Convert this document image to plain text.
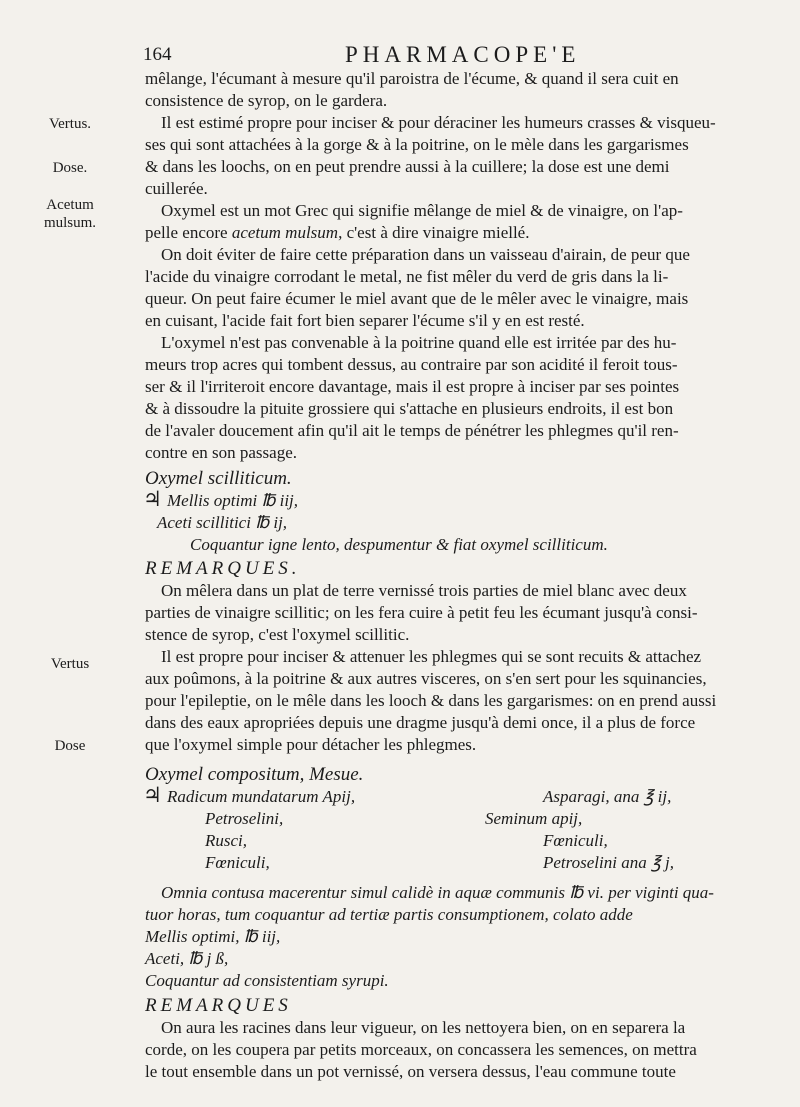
164	PHARMACOPE'E
Vertus.
Dose.
Acetum
mulsum.
Vertus
Dose

mêlange, l'écumant à mesure qu'il paroistra de l'écume, & quand il sera cuit en

consistence de syrop, on le gardera.

Il est estimé propre pour inciser & pour déraciner les humeurs crasses & visqueu-

ses qui sont attachées à la gorge & à la poitrine, on le mèle dans les gargarismes

& dans les loochs, on en peut prendre aussi à la cuillere; la dose est une demi

cuillerée.

Oxymel est un mot Grec qui signifie mêlange de miel & de vinaigre, on l'ap-

pelle encore acetum mulsum, c'est à dire vinaigre miellé.

On doit éviter de faire cette préparation dans un vaisseau d'airain, de peur que

l'acide du vinaigre corrodant le metal, ne fist mêler du verd de gris dans la li-

queur. On peut faire écumer le miel avant que de le mêler avec le vinaigre, mais

en cuisant, l'acide fait fort bien separer l'écume s'il y en est resté.

L'oxymel n'est pas convenable à la poitrine quand elle est irritée par des hu-

meurs trop acres qui tombent dessus, au contraire par son acidité il feroit tous-

ser & il l'irriteroit encore davantage, mais il est propre à inciser par ses pointes

& à dissoudre la pituite grossiere qui s'attache en plusieurs endroits, il est bon

de l'avaler doucement afin qu'il ait le temps de pénétrer les phlegmes qu'il ren-

contre en son passage.

Oxymel scilliticum.

♃ Mellis optimi ℔ iij,
Aceti scillitici ℔ ij,
Coquantur igne lento, despumentur & fiat oxymel scilliticum.

REMARQUES.

On mêlera dans un plat de terre vernissé trois parties de miel blanc avec deux

parties de vinaigre scillitic; on les fera cuire à petit feu les écumant jusqu'à consi-

stence de syrop, c'est l'oxymel scillitic.

Il est propre pour inciser & attenuer les phlegmes qui se sont recuits & attachez

aux poûmons, à la poitrine & aux autres visceres, on s'en sert pour les squinancies,

pour l'epileptie, on le mêle dans les looch & dans les gargarismes: on en prend aussi

dans des eaux apropriées depuis une dragme jusqu'à demi once, il a plus de force

que l'oxymel simple pour détacher les phlegmes.

Oxymel compositum, Mesue.

♃ Radicum mundatarum Apij,	Asparagi, ana ℥ ij,
Petroselini,	Seminum apij,
Rusci,	Fœniculi,
Fœniculi,	Petroselini ana ℥ j,

Omnia contusa macerentur simul calidè in aquæ communis ℔ vi. per viginti qua-

tuor horas, tum coquantur ad tertiæ partis consumptionem, colato adde

Mellis optimi, ℔ iij,

Aceti, ℔ j ß,

Coquantur ad consistentiam syrupi.

REMARQUES

On aura les racines dans leur vigueur, on les nettoyera bien, on en separera la

corde, on les coupera par petits morceaux, on concassera les semences, on mettra

le tout ensemble dans un pot vernissé, on versera dessus, l'eau commune toute
